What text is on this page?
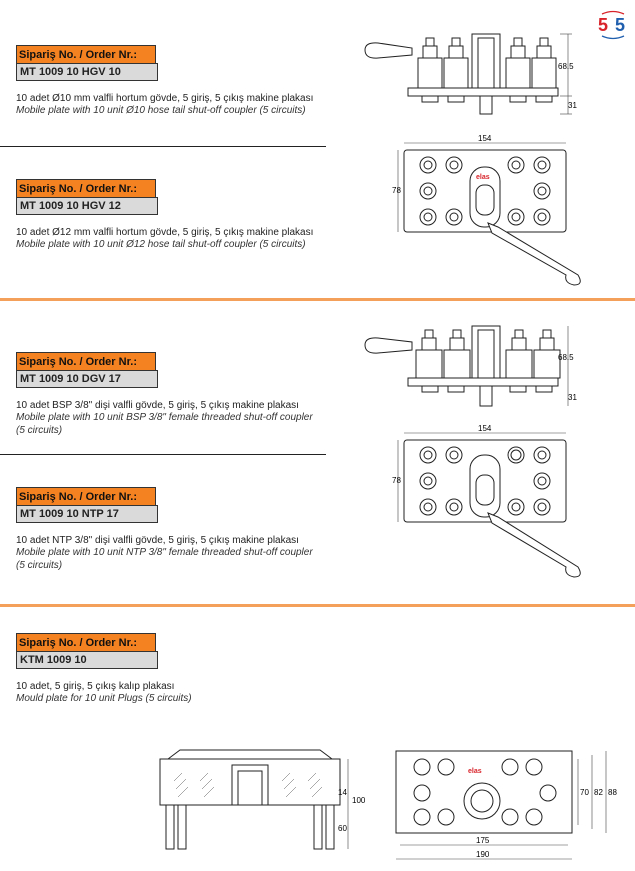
5 5
Sipariş No. / Order Nr.:
MT 1009 10 HGV 10
10 adet Ø10 mm valfli hortum gövde, 5 giriş, 5 çıkış makine plakası
Mobile plate with 10 unit Ø10 hose tail shut-off coupler (5 circuits)
Sipariş No. / Order Nr.:
MT 1009 10 HGV 12
10 adet Ø12 mm valfli hortum gövde, 5 giriş, 5 çıkış makine plakası
Mobile plate with 10 unit Ø12 hose tail shut-off coupler (5 circuits)
Sipariş No. / Order Nr.:
MT 1009 10 DGV 17
10 adet BSP 3/8" dişi valfli gövde, 5 giriş, 5 çıkış makine plakası
Mobile plate with 10 unit BSP 3/8" female threaded shut-off coupler
(5 circuits)
Sipariş No. / Order Nr.:
MT 1009 10 NTP 17
10 adet NTP 3/8" dişi valfli gövde, 5 giriş, 5 çıkış makine plakası
Mobile plate with 10 unit NTP 3/8" female threaded shut-off coupler
(5 circuits)
Sipariş No. / Order Nr.:
KTM 1009 10
10 adet, 5 giriş, 5 çıkış kalıp plakası
Mould plate for 10 unit Plugs (5 circuits)
68.5
31
154
78
elas
68.5
31
154
78
14
100
60
elas
175
190
70 82 88
